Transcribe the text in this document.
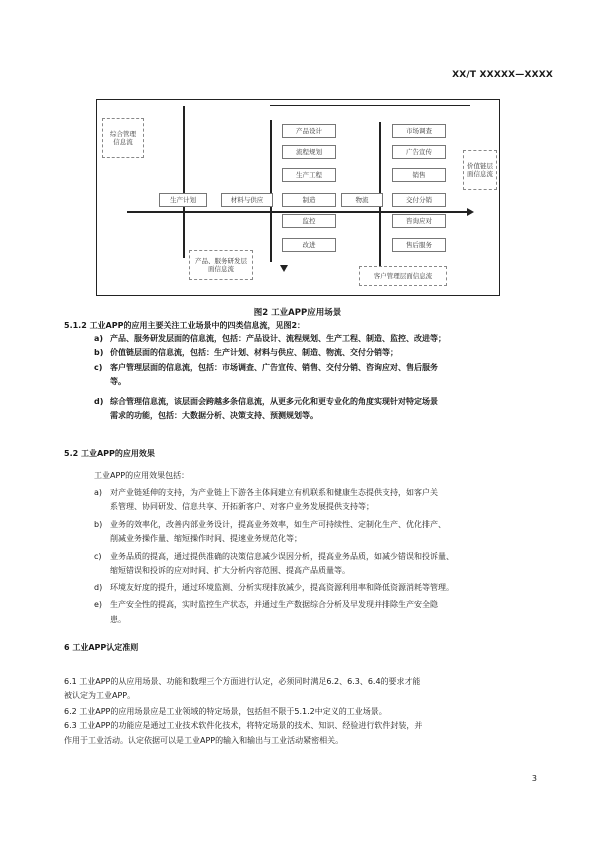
XX/T XXXXX—XXXX
综合管理信息流
价值链层面信息流
产品、服务研发层面信息流
客户管理层面信息流
产品设计
流程规划
生产工程
制造
监控
改进
市场调查
广告宣传
销售
交付分销
咨询应对
售后服务
生产计划	材料与供应	物流
图2 工业APP应用场景
5.1.2 工业APP的应用主要关注工业场景中的四类信息流，见图2：
a) 产品、服务研发层面的信息流，包括：产品设计、流程规划、生产工程、制造、监控、改进等；
b) 价值链层面的信息流，包括：生产计划、材料与供应、制造、物流、交付分销等；
c) 客户管理层面的信息流，包括：市场调查、广告宣传、销售、交付分销、咨询应对、售后服务
等。
d) 综合管理信息流，该层面会跨越多条信息流，从更多元化和更专业化的角度实现针对特定场景
需求的功能，包括：大数据分析、决策支持、预测规划等。
5.2 工业APP的应用效果
工业APP的应用效果包括：
a) 对产业链延伸的支持，为产业链上下游各主体间建立有机联系和健康生态提供支持，如客户关
系管理、协同研发、信息共享、开拓新客户、对客户业务发展提供支持等；
b) 业务的效率化，改善内部业务设计，提高业务效率，如生产可持续性、定制化生产、优化排产、
削减业务操作量、缩短操作时间、提速业务规范化等；
c) 业务品质的提高，通过提供准确的决策信息减少误因分析，提高业务品质，如减少错误和投诉量、
缩短错误和投诉的应对时间、扩大分析内容范围、提高产品质量等。
d) 环境友好度的提升，通过环境监测、分析实现排放减少，提高资源利用率和降低资源消耗等管理。
e) 生产安全性的提高，实时监控生产状态，并通过生产数据综合分析及早发现并排除生产安全隐
患。
6 工业APP认定准则
6.1 工业APP的从应用场景、功能和数理三个方面进行认定，必须同时满足6.2、6.3、6.4的要求才能
被认定为工业APP。
6.2 工业APP的应用场景应是工业领域的特定场景，包括但不限于5.1.2中定义的工业场景。
6.3 工业APP的功能应是通过工业技术软件化技术，将特定场景的技术、知识、经验进行软件封装，并
作用于工业活动。认定依据可以是工业APP的输入和输出与工业活动紧密相关。
3
